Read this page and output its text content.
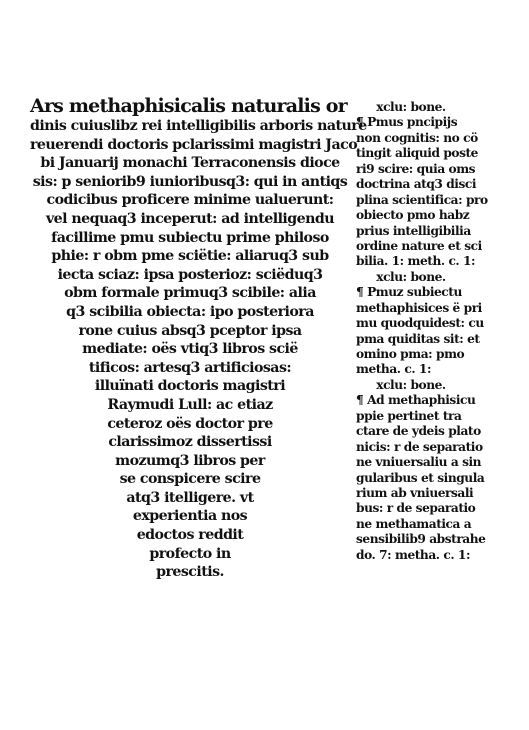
Ars methaphisicalis naturalis or
dinis cuiuslibz rei intelligibilis arboris nature
reuerendi doctoris pclarissimi magistri Jaco
bi Januarij monachi Terraconensis dioce
sis: p seniorib9 iunioribusq3: qui in antiqs
codicibus proficere minime ualuerunt:
vel nequaq3 inceperut: ad intelligendu
facillime pmu subiectu prime philoso
phie: r obm pme sciëtie: aliaruq3 sub
iecta sciaz: ipsa posterioz: sciëduq3
obm formale primuq3 scibile: alia
q3 scibilia obiecta: ipo posteriora
rone cuius absq3 pceptor ipsa
mediate: oës vtiq3 libros scië
tificos: artesq3 artificiosas:
illuïnati doctoris magistri
Raymudi Lull: ac etiaz
ceteroz oës doctor pre
clarissimoz dissertissi
mozumq3 libros per
se conspicere scire
atq3 itelligere. vt
experientia nos
edoctos reddit
profecto in
prescitis.
xclu: bone.
¶ Pmus pncipijs
non cognitis: no cö
tingit aliquid poste
ri9 scire: quia oms
doctrina atq3 disci
plina scientifica: pro
obiecto pmo habz
prius intelligibilia
ordine nature et sci
bilia. 1: meth. c. 1:
xclu: bone.
¶ Pmuz subiectu
methaphisices ë pri
mu quodquidest: cu
pma quiditas sit: et
omino pma: pmo
metha. c. 1:
xclu: bone.
¶ Ad methaphisicu
ppie pertinet tra
ctare de ydeis plato
nicis: r de separatio
ne vniuersaliu a sin
gularibus et singula
rium ab vniuersali
bus: r de separatio
ne methamatica a
sensibilib9 abstrahe
do. 7: metha. c. 1:
